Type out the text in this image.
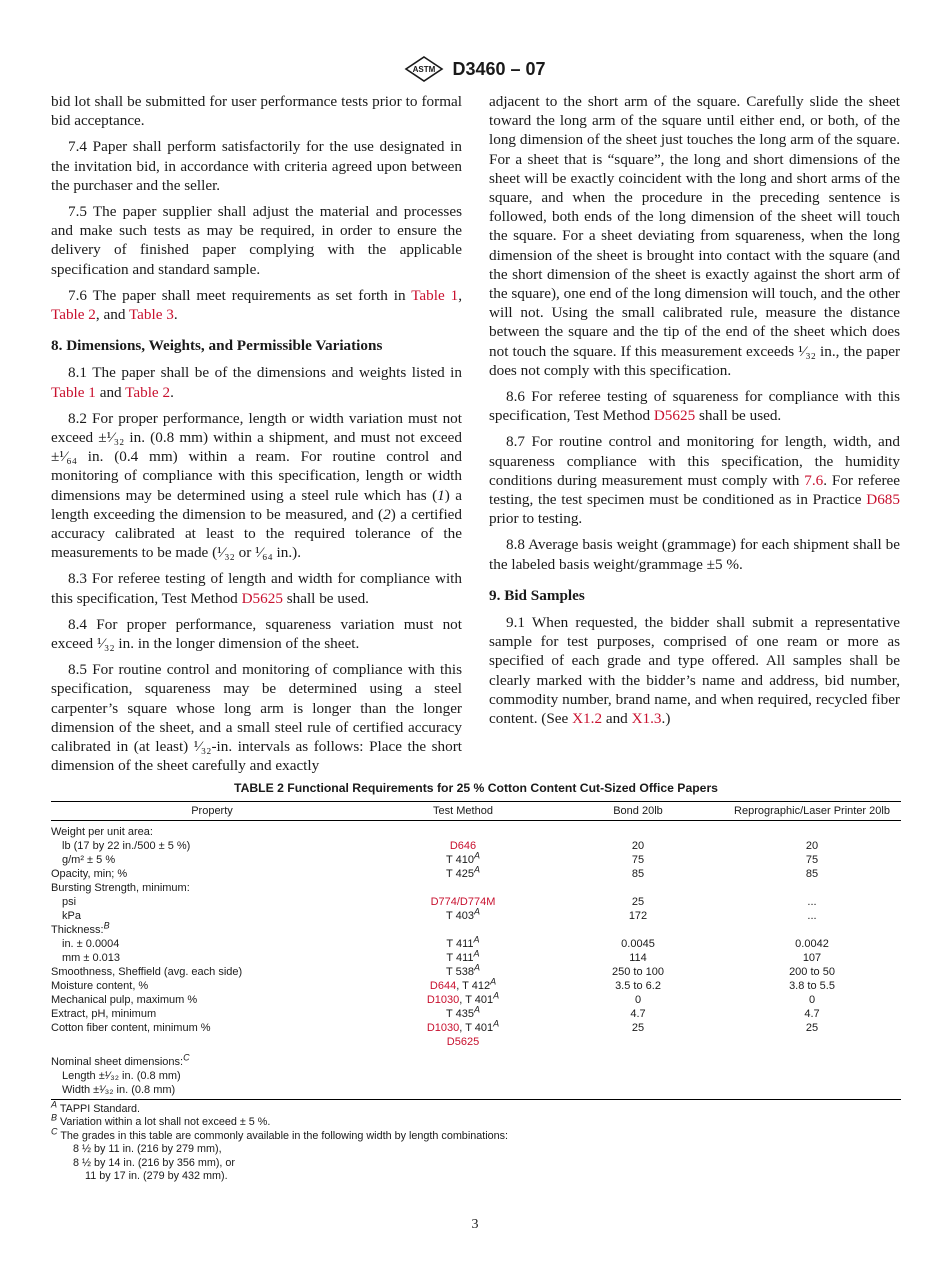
ASTM D3460 – 07

bid lot shall be submitted for user performance tests prior to formal bid acceptance.

7.4 Paper shall perform satisfactorily for the use designated in the invitation bid, in accordance with criteria agreed upon between the purchaser and the seller.

7.5 The paper supplier shall adjust the material and processes and make such tests as may be required, in order to ensure the delivery of finished paper complying with the applicable specification and standard sample.

7.6 The paper shall meet requirements as set forth in Table 1, Table 2, and Table 3.

8. Dimensions, Weights, and Permissible Variations

8.1 The paper shall be of the dimensions and weights listed in Table 1 and Table 2.

8.2 For proper performance, length or width variation must not exceed ±¹⁄₃₂ in. (0.8 mm) within a shipment, and must not exceed ±¹⁄₆₄ in. (0.4 mm) within a ream. For routine control and monitoring of compliance with this specification, length or width dimensions may be determined using a steel rule which has (1) a length exceeding the dimension to be measured, and (2) a certified accuracy calibrated at least to the required tolerance of the measurements to be made (¹⁄₃₂ or ¹⁄₆₄ in.).

8.3 For referee testing of length and width for compliance with this specification, Test Method D5625 shall be used.

8.4 For proper performance, squareness variation must not exceed ¹⁄₃₂ in. in the longer dimension of the sheet.

8.5 For routine control and monitoring of compliance with this specification, squareness may be determined using a steel carpenter’s square whose long arm is longer than the longer dimension of the sheet, and a small steel rule of certified accuracy calibrated in (at least) ¹⁄₃₂-in. intervals as follows: Place the short dimension of the sheet carefully and exactly

adjacent to the short arm of the square. Carefully slide the sheet toward the long arm of the square until either end, or both, of the long dimension of the sheet just touches the long arm of the square. For a sheet that is “square”, the long and short dimensions of the sheet will be exactly coincident with the long and short arms of the square, and when the procedure in the preceding sentence is followed, both ends of the long dimension of the sheet will touch the square. For a sheet deviating from squareness, when the long dimension of the sheet is brought into contact with the square (and the short dimension of the sheet is exactly against the short arm of the square), one end of the long dimension will touch, and the other will not. Using the small calibrated rule, measure the distance between the square and the tip of the end of the sheet which does not touch the square. If this measurement exceeds ¹⁄₃₂ in., the paper does not comply with this specification.

8.6 For referee testing of squareness for compliance with this specification, Test Method D5625 shall be used.

8.7 For routine control and monitoring for length, width, and squareness compliance with this specification, the humidity conditions during measurement must comply with 7.6. For referee testing, the test specimen must be conditioned as in Practice D685 prior to testing.

8.8 Average basis weight (grammage) for each shipment shall be the labeled basis weight/grammage ±5 %.

9. Bid Samples

9.1 When requested, the bidder shall submit a representative sample for test purposes, comprised of one ream or more as specified of each grade and type offered. All samples shall be clearly marked with the bidder’s name and address, bid number, commodity number, brand name, and when required, recycled fiber content. (See X1.2 and X1.3.)

TABLE 2 Functional Requirements for 25 % Cotton Content Cut-Sized Office Papers
Property	Test Method	Bond 20lb	Reprographic/Laser Printer 20lb

Weight per unit area:			
lb (17 by 22 in./500 ± 5 %)	D646	20	20
g/m² ± 5 %	T $410^A$	75	75
Opacity, min; %	T $425^A$	85	85
Bursting Strength, minimum:			
psi	D774/D774M	25	...
kPa	T $403^A$	172	...
Thickness:$^B$			
in. ± 0.0004	T $411^A$	0.0045	0.0042
mm ± 0.013	T $411^A$	114	107
Smoothness, Sheffield (avg. each side)	T $538^A$	250 to 100	200 to 50
Moisture content, %	D644, T $412^A$	3.5 to 6.2	3.8 to 5.5
Mechanical pulp, maximum %	D1030, T $401^A$	0	0
Extract, pH, minimum	T $435^A$	4.7	4.7
Cotton fiber content, minimum %	D1030, T $401^A$	25	25
	D5625		

Nominal sheet dimensions:$^C$			
Length ±¹⁄₃₂ in. (0.8 mm)			
Width ±¹⁄₃₂ in. (0.8 mm)			
$^A$ TAPPI Standard.
$^B$ Variation within a lot shall not exceed ± 5 %.
$^C$ The grades in this table are commonly available in the following width by length combinations:
8 ½ by 11 in. (216 by 279 mm),
8 ½ by 14 in. (216 by 356 mm), or
11 by 17 in. (279 by 432 mm).
3
